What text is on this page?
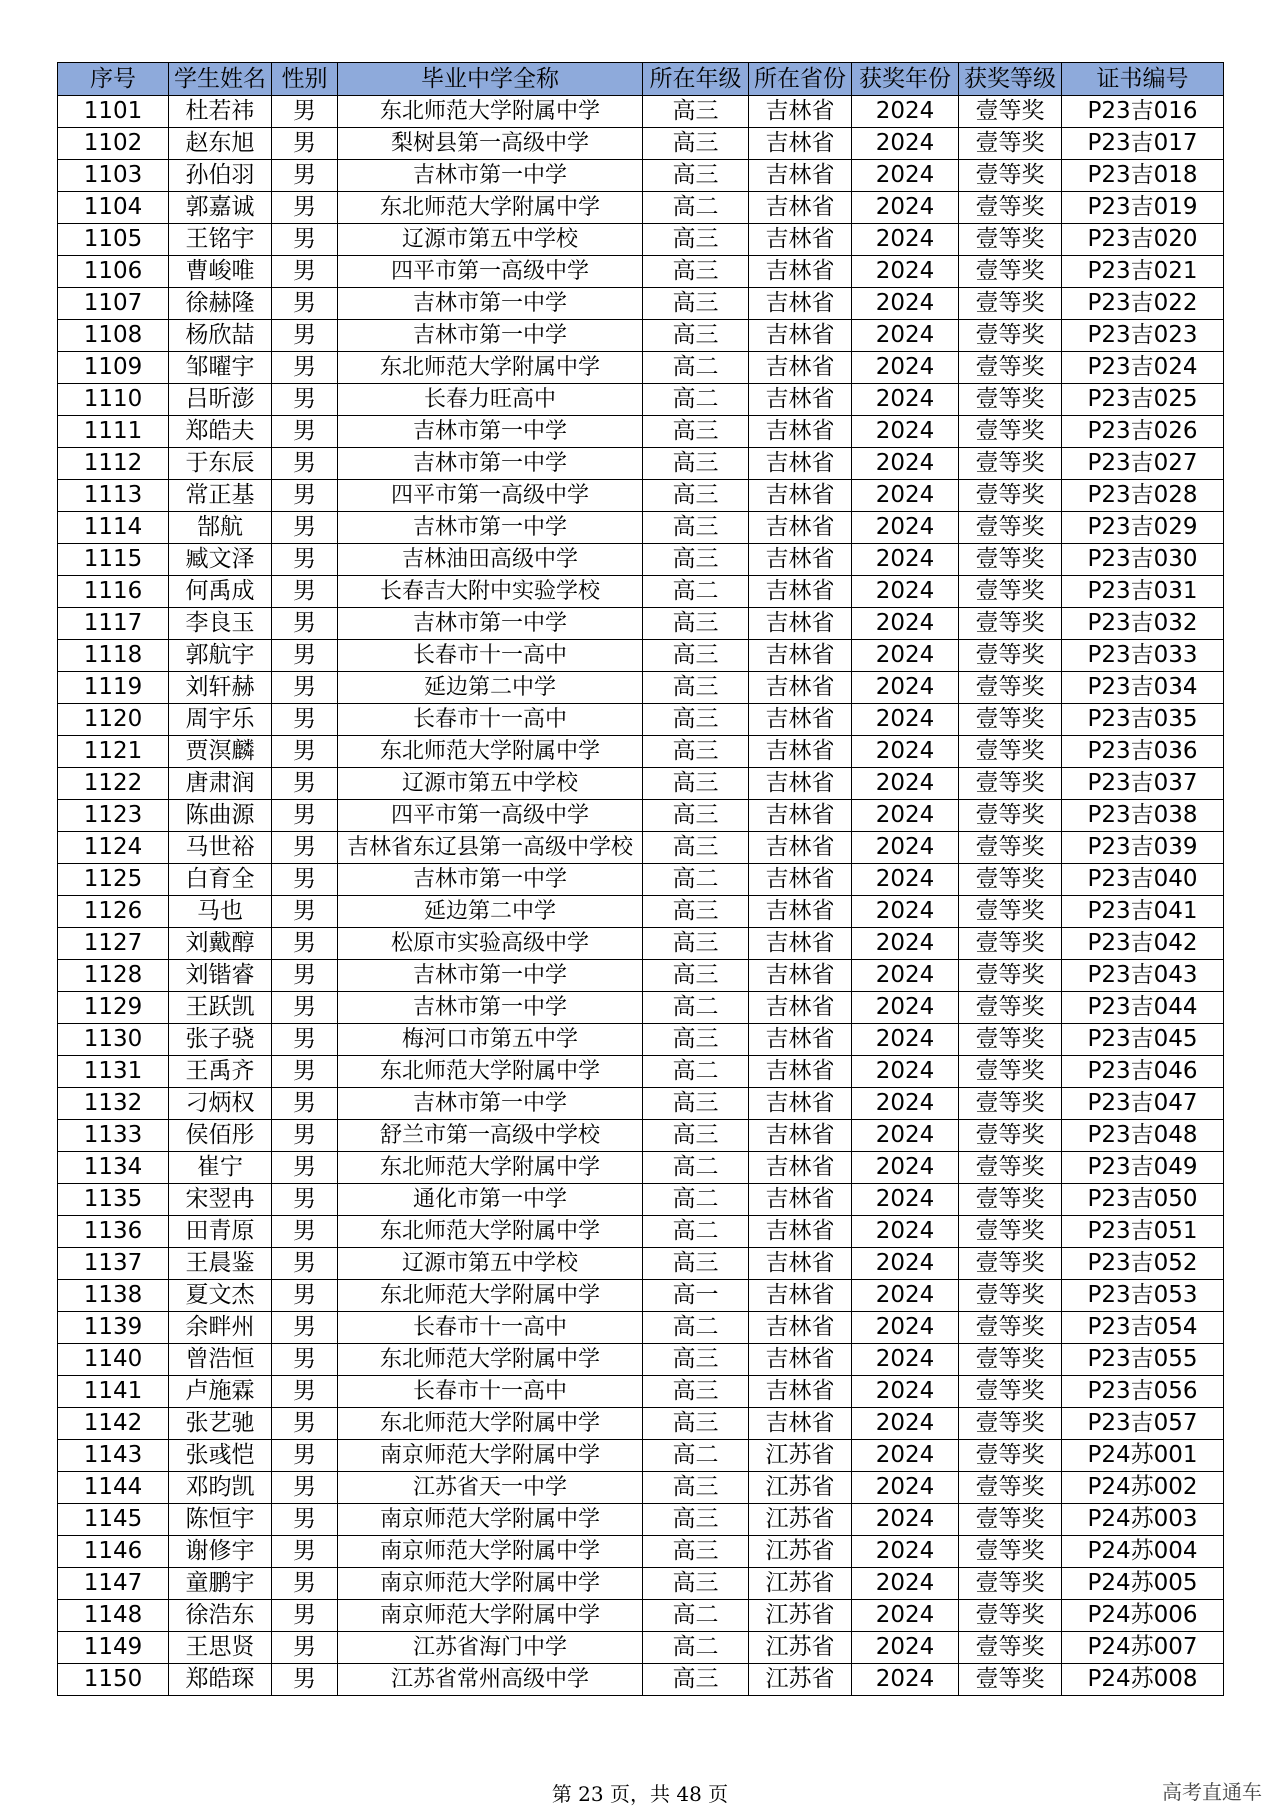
序号	学生姓名	性别	毕业中学全称	所在年级	所在省份	获奖年份	获奖等级	证书编号
1101	杜若祎	男	东北师范大学附属中学	高三	吉林省	2024	壹等奖	P23吉016
1102	赵东旭	男	梨树县第一高级中学	高三	吉林省	2024	壹等奖	P23吉017
1103	孙伯羽	男	吉林市第一中学	高三	吉林省	2024	壹等奖	P23吉018
1104	郭嘉诚	男	东北师范大学附属中学	高二	吉林省	2024	壹等奖	P23吉019
1105	王铭宇	男	辽源市第五中学校	高三	吉林省	2024	壹等奖	P23吉020
1106	曹峻唯	男	四平市第一高级中学	高三	吉林省	2024	壹等奖	P23吉021
1107	徐赫隆	男	吉林市第一中学	高三	吉林省	2024	壹等奖	P23吉022
1108	杨欣喆	男	吉林市第一中学	高三	吉林省	2024	壹等奖	P23吉023
1109	邹曜宇	男	东北师范大学附属中学	高二	吉林省	2024	壹等奖	P23吉024
1110	吕昕澎	男	长春力旺高中	高二	吉林省	2024	壹等奖	P23吉025
1111	郑皓夫	男	吉林市第一中学	高三	吉林省	2024	壹等奖	P23吉026
1112	于东辰	男	吉林市第一中学	高三	吉林省	2024	壹等奖	P23吉027
1113	常正基	男	四平市第一高级中学	高三	吉林省	2024	壹等奖	P23吉028
1114	郜航	男	吉林市第一中学	高三	吉林省	2024	壹等奖	P23吉029
1115	臧文泽	男	吉林油田高级中学	高三	吉林省	2024	壹等奖	P23吉030
1116	何禹成	男	长春吉大附中实验学校	高二	吉林省	2024	壹等奖	P23吉031
1117	李良玉	男	吉林市第一中学	高三	吉林省	2024	壹等奖	P23吉032
1118	郭航宇	男	长春市十一高中	高三	吉林省	2024	壹等奖	P23吉033
1119	刘轩赫	男	延边第二中学	高三	吉林省	2024	壹等奖	P23吉034
1120	周宇乐	男	长春市十一高中	高三	吉林省	2024	壹等奖	P23吉035
1121	贾溟麟	男	东北师范大学附属中学	高三	吉林省	2024	壹等奖	P23吉036
1122	唐肃润	男	辽源市第五中学校	高三	吉林省	2024	壹等奖	P23吉037
1123	陈曲源	男	四平市第一高级中学	高三	吉林省	2024	壹等奖	P23吉038
1124	马世裕	男	吉林省东辽县第一高级中学校	高三	吉林省	2024	壹等奖	P23吉039
1125	白育全	男	吉林市第一中学	高二	吉林省	2024	壹等奖	P23吉040
1126	马也	男	延边第二中学	高三	吉林省	2024	壹等奖	P23吉041
1127	刘戴醇	男	松原市实验高级中学	高三	吉林省	2024	壹等奖	P23吉042
1128	刘锴睿	男	吉林市第一中学	高三	吉林省	2024	壹等奖	P23吉043
1129	王跃凯	男	吉林市第一中学	高二	吉林省	2024	壹等奖	P23吉044
1130	张子骁	男	梅河口市第五中学	高三	吉林省	2024	壹等奖	P23吉045
1131	王禹齐	男	东北师范大学附属中学	高二	吉林省	2024	壹等奖	P23吉046
1132	刁炳权	男	吉林市第一中学	高三	吉林省	2024	壹等奖	P23吉047
1133	侯佰彤	男	舒兰市第一高级中学校	高三	吉林省	2024	壹等奖	P23吉048
1134	崔宁	男	东北师范大学附属中学	高二	吉林省	2024	壹等奖	P23吉049
1135	宋翌冉	男	通化市第一中学	高二	吉林省	2024	壹等奖	P23吉050
1136	田青原	男	东北师范大学附属中学	高二	吉林省	2024	壹等奖	P23吉051
1137	王晨鉴	男	辽源市第五中学校	高三	吉林省	2024	壹等奖	P23吉052
1138	夏文杰	男	东北师范大学附属中学	高一	吉林省	2024	壹等奖	P23吉053
1139	余畔州	男	长春市十一高中	高二	吉林省	2024	壹等奖	P23吉054
1140	曾浩恒	男	东北师范大学附属中学	高三	吉林省	2024	壹等奖	P23吉055
1141	卢施霖	男	长春市十一高中	高三	吉林省	2024	壹等奖	P23吉056
1142	张艺驰	男	东北师范大学附属中学	高三	吉林省	2024	壹等奖	P23吉057
1143	张彧恺	男	南京师范大学附属中学	高二	江苏省	2024	壹等奖	P24苏001
1144	邓昀凯	男	江苏省天一中学	高三	江苏省	2024	壹等奖	P24苏002
1145	陈恒宇	男	南京师范大学附属中学	高三	江苏省	2024	壹等奖	P24苏003
1146	谢修宇	男	南京师范大学附属中学	高三	江苏省	2024	壹等奖	P24苏004
1147	童鹏宇	男	南京师范大学附属中学	高三	江苏省	2024	壹等奖	P24苏005
1148	徐浩东	男	南京师范大学附属中学	高二	江苏省	2024	壹等奖	P24苏006
1149	王思贤	男	江苏省海门中学	高二	江苏省	2024	壹等奖	P24苏007
1150	郑皓琛	男	江苏省常州高级中学	高三	江苏省	2024	壹等奖	P24苏008
第 23 页，共 48 页	高考直通车
